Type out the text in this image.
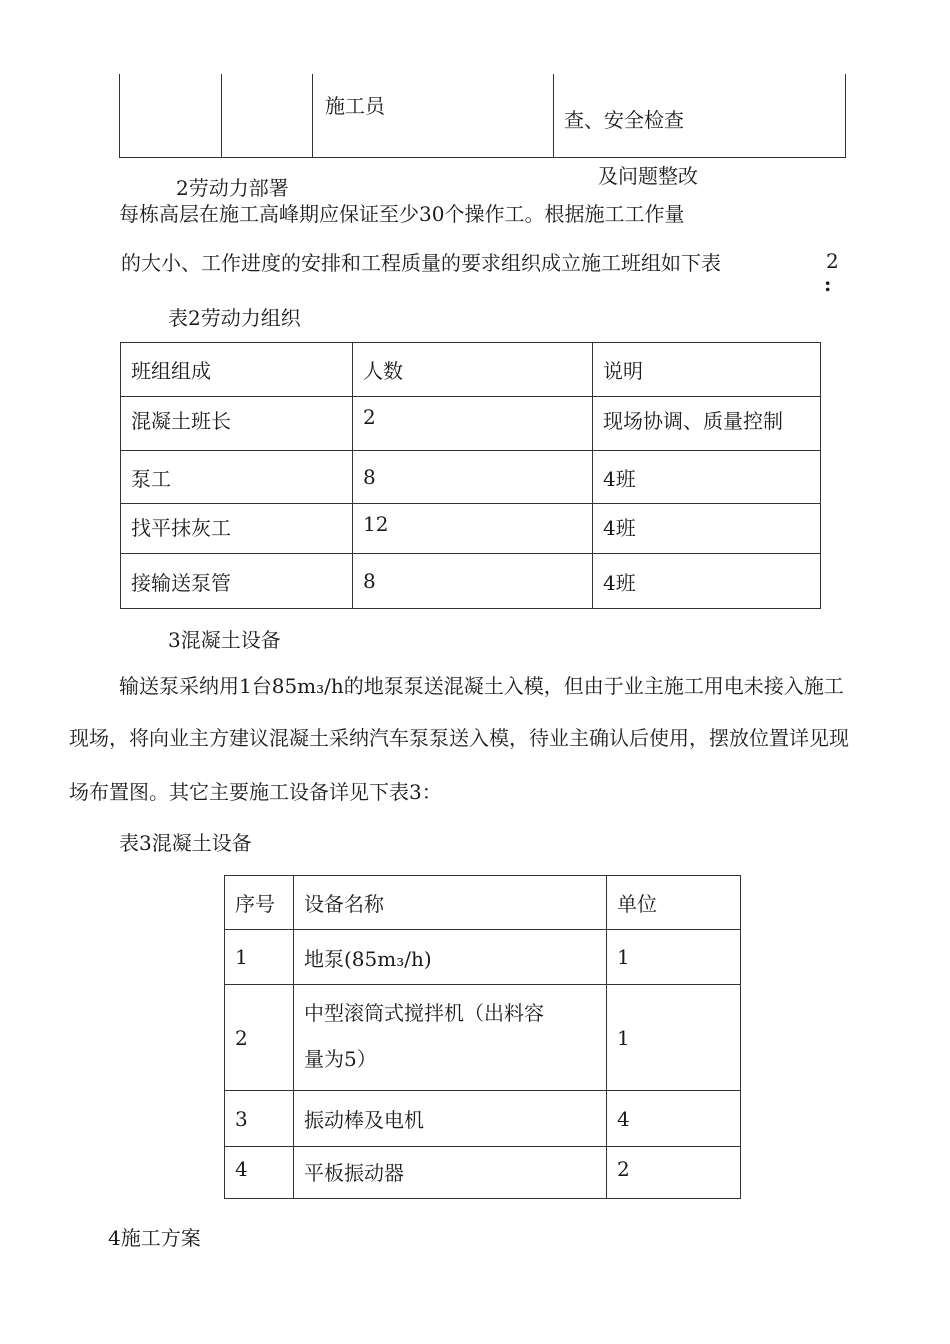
		施工员	查、安全检查
及问题整改
2劳动力部署
每栋高层在施工高峰期应保证至少30个操作工。根据施工工作量
的大小、工作进度的安排和工程质量的要求组织成立施工班组如下表	2
:
表2劳动力组织
班组组成	人数	说明
混凝土班长	2	现场协调、质量控制
泵工	8	4班
找平抹灰工	12	4班
接输送泵管	8	4班
3混凝土设备
输送泵采纳用1台85m₃/h的地泵泵送混凝土入模，但由于业主施工用电未接入施工
现场，将向业主方建议混凝土采纳汽车泵泵送入模，待业主确认后使用，摆放位置详见现
场布置图。其它主要施工设备详见下表3：
表3混凝土设备
序号	设备名称	单位
1	地泵(85m₃/h)	1
2	中型滚筒式搅拌机（出料容
量为5）	1
3	振动棒及电机	4
4	平板振动器	2
4施工方案
